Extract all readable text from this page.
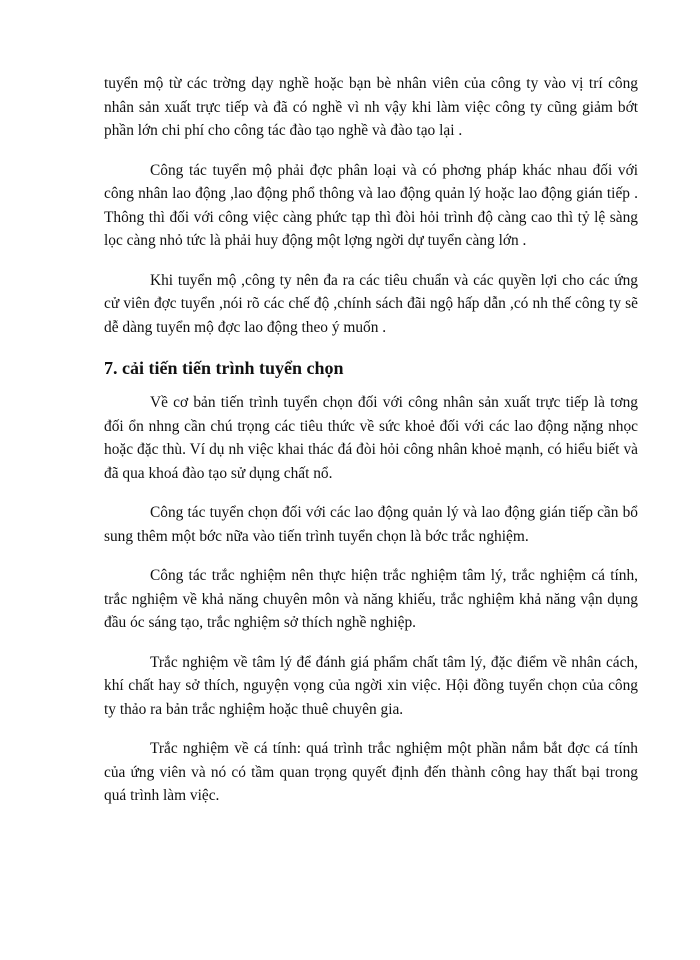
tuyển mộ từ các trờng dạy nghề hoặc bạn bè nhân viên của công ty vào vị trí công nhân sản xuất trực tiếp và đã có nghề vì nh vậy khi làm việc công ty cũng giảm bớt phần lớn chi phí cho công tác đào tạo nghề và đào tạo lại .

Công tác tuyển mộ phải đợc phân loại và có phơng pháp khác nhau đối với công nhân lao động ,lao động phổ thông và lao động quản lý hoặc lao động gián tiếp . Thông thì đối với công việc càng phức tạp thì đòi hỏi trình độ càng cao thì tỷ lệ sàng lọc càng nhỏ tức là phải huy động một lợng ngời dự tuyển càng lớn .

Khi tuyển mộ ,công ty nên đa ra các tiêu chuẩn và các quyền lợi cho các ứng cử viên đợc tuyển ,nói rõ các chế độ ,chính sách đãi ngộ hấp dẫn ,có nh thế công ty sẽ dễ dàng tuyển mộ đợc lao động theo ý muốn .

7. cải tiến tiến trình tuyển chọn

Về cơ bản tiến trình tuyển chọn đối với công nhân sản xuất trực tiếp là tơng đối ổn nhng cần chú trọng các tiêu thức về sức khoẻ đối với các lao động nặng nhọc hoặc đặc thù. Ví dụ nh việc khai thác đá đòi hỏi công nhân khoẻ mạnh, có hiểu biết và đã qua khoá đào tạo sử dụng chất nổ.

Công tác tuyển chọn đối với các lao động quản lý và lao động gián tiếp cần bổ sung thêm một bớc nữa vào tiến trình tuyển chọn là bớc trắc nghiệm.

Công tác trắc nghiệm nên thực hiện trắc nghiệm tâm lý, trắc nghiệm cá tính, trắc nghiệm về khả năng chuyên môn và năng khiếu, trắc nghiệm khả năng vận dụng đầu óc sáng tạo, trắc nghiệm sở thích nghề nghiệp.

Trắc nghiệm về tâm lý để đánh giá phẩm chất tâm lý, đặc điểm về nhân cách, khí chất hay sở thích, nguyện vọng của ngời xin việc. Hội đồng tuyển chọn của công ty thảo ra bản trắc nghiệm hoặc thuê chuyên gia.

Trắc nghiệm về cá tính: quá trình trắc nghiệm một phần nắm bắt đợc cá tính của ứng viên và nó có tầm quan trọng quyết định đến thành công hay thất bại trong quá trình làm việc.
